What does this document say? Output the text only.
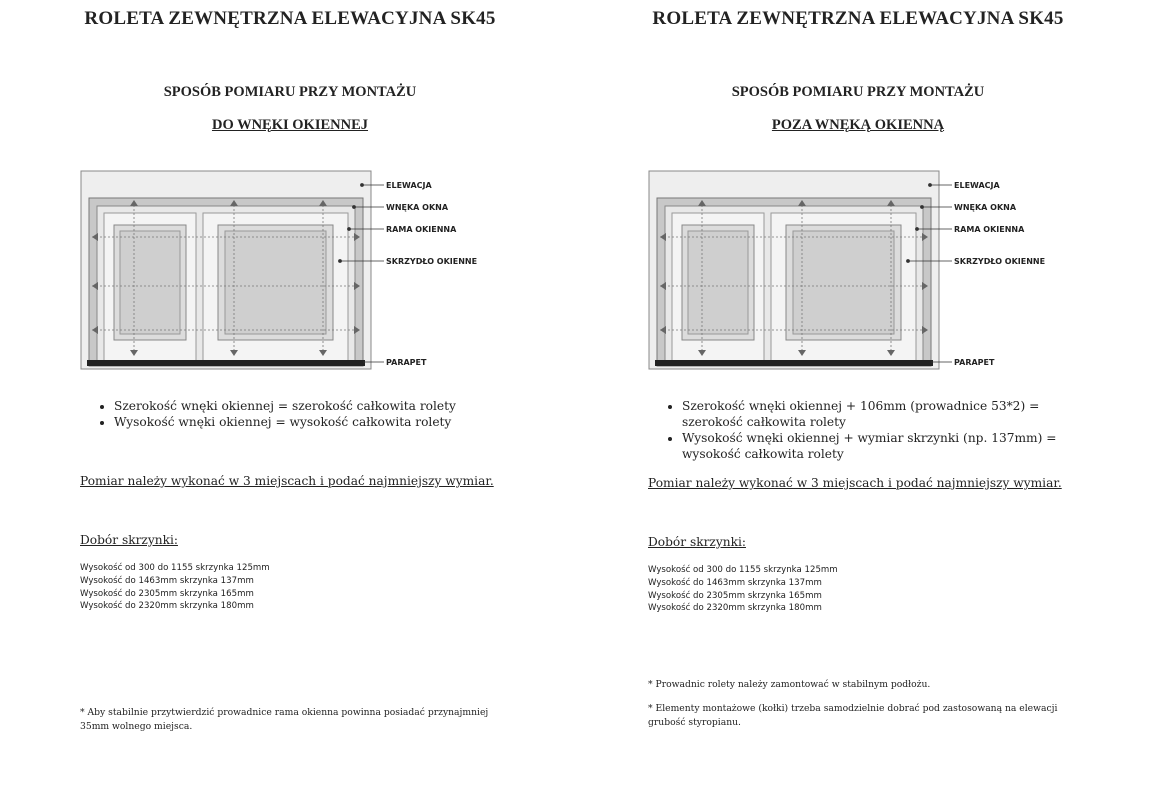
ROLETA ZEWNĘTRZNA ELEWACYJNA SK45
SPOSÓB POMIARU PRZY MONTAŻU
DO WNĘKI OKIENNEJ
ELEWACJA
WNĘKA OKNA
RAMA OKIENNA
SKRZYDŁO OKIENNE
PARAPET
• Szerokość wnęki okiennej = szerokość całkowita rolety
• Wysokość wnęki okiennej = wysokość całkowita rolety
Pomiar należy wykonać w 3 miejscach i podać najmniejszy wymiar.
Dobór skrzynki:
Wysokość od 300 do 1155 skrzynka 125mm
Wysokość do 1463mm skrzynka 137mm
Wysokość do 2305mm skrzynka 165mm
Wysokość do 2320mm skrzynka 180mm

* Aby stabilnie przytwierdzić prowadnice rama okienna powinna posiadać przynajmniej 35mm wolnego miejsca.

ROLETA ZEWNĘTRZNA ELEWACYJNA SK45
SPOSÓB POMIARU PRZY MONTAŻU
POZA WNĘKĄ OKIENNĄ
ELEWACJA
WNĘKA OKNA
RAMA OKIENNA
SKRZYDŁO OKIENNE
PARAPET
• Szerokość wnęki okiennej + 106mm (prowadnice 53*2) = szerokość całkowita rolety
• Wysokość wnęki okiennej + wymiar skrzynki (np. 137mm) = wysokość całkowita rolety
Pomiar należy wykonać w 3 miejscach i podać najmniejszy wymiar.
Dobór skrzynki:
Wysokość od 300 do 1155 skrzynka 125mm
Wysokość do 1463mm skrzynka 137mm
Wysokość do 2305mm skrzynka 165mm
Wysokość do 2320mm skrzynka 180mm

* Prowadnic rolety należy zamontować w stabilnym podłożu.

* Elementy montażowe (kołki) trzeba samodzielnie dobrać pod zastosowaną na elewacji grubość styropianu.
